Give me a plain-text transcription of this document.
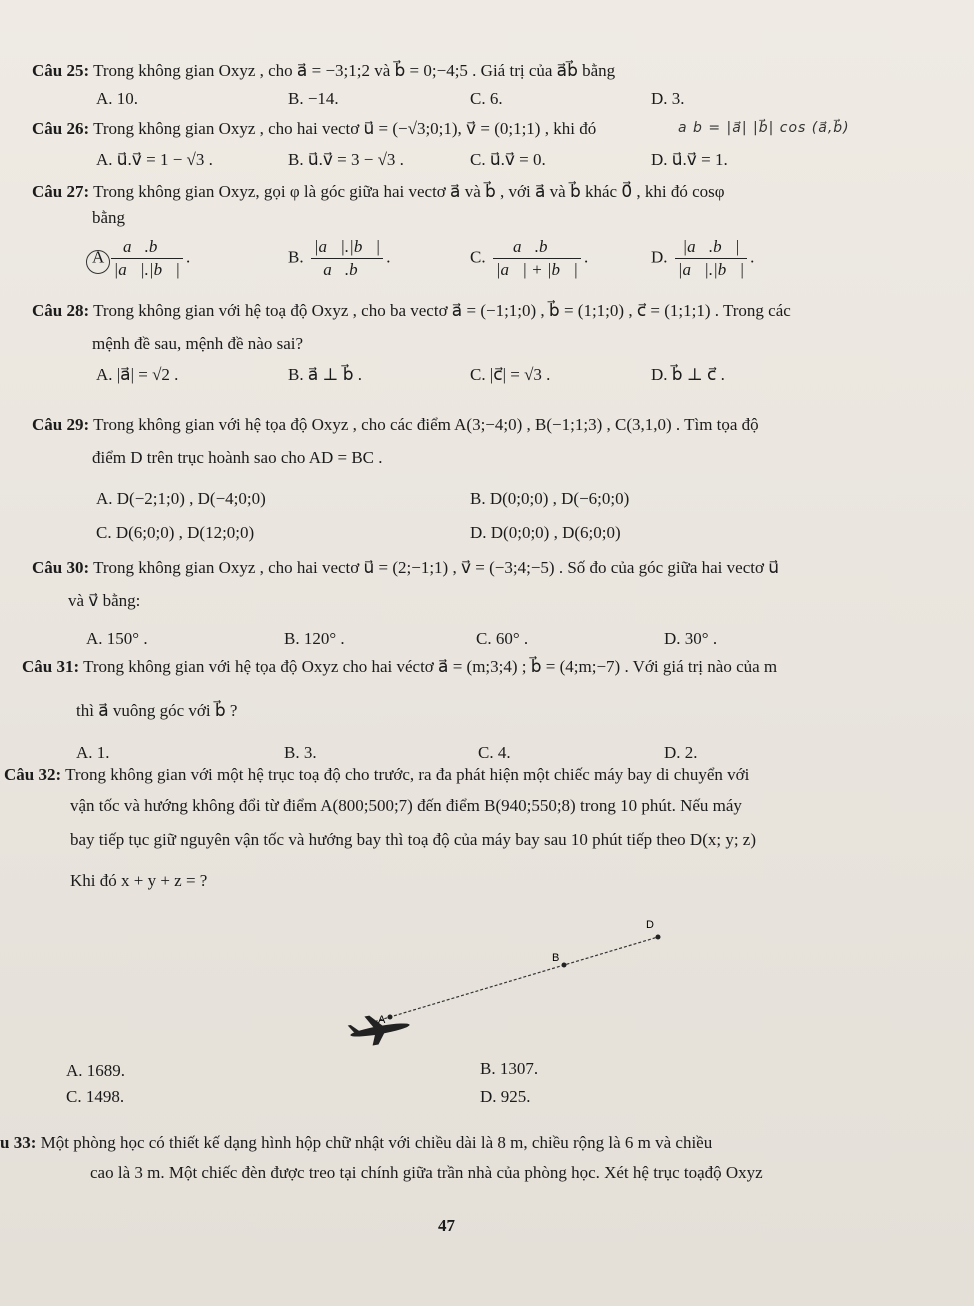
Câu 25: Trong không gian Oxyz , cho a⃗ = −3;1;2 và b⃗ = 0;−4;5 . Giá trị của a⃗b⃗ bằng
A. 10.	B. −14.	C. 6.	D. 3.
Câu 26: Trong không gian Oxyz , cho hai vectơ u⃗ = (−√3;0;1), v⃗ = (0;1;1) , khi đó	a b = |a⃗| |b⃗| cos (a⃗,b⃗)
A. u⃗.v⃗ = 1 − √3 .	B. u⃗.v⃗ = 3 − √3 .	C. u⃗.v⃗ = 0.	D. u⃗.v⃗ = 1.
Câu 27: Trong không gian Oxyz, gọi φ là góc giữa hai vectơ a⃗ và b⃗ , với a⃗ và b⃗ khác 0⃗ , khi đó cosφ
bằng
A $\frac{a⃗.b⃗}{|a⃗|.|b⃗|}$ .	B. $\frac{|a⃗|.|b⃗|}{a⃗.b⃗}$ .	C. $\frac{a⃗.b⃗}{|a⃗| + |b⃗|}$ .	D. $\frac{|a⃗.b⃗|}{|a⃗|.|b⃗|}$ .
Câu 28: Trong không gian với hệ toạ độ Oxyz , cho ba vectơ a⃗ = (−1;1;0) , b⃗ = (1;1;0) , c⃗ = (1;1;1) . Trong các
mệnh đề sau, mệnh đề nào sai?
A. |a⃗| = √2 .	B. a⃗ ⊥ b⃗ .	C. |c⃗| = √3 .	D. b⃗ ⊥ c⃗ .
Câu 29: Trong không gian với hệ tọa độ Oxyz , cho các điểm A(3;−4;0) , B(−1;1;3) , C(3,1,0) . Tìm tọa độ
điểm D trên trục hoành sao cho AD = BC .
A. D(−2;1;0) , D(−4;0;0)	B. D(0;0;0) , D(−6;0;0)
C. D(6;0;0) , D(12;0;0)	D. D(0;0;0) , D(6;0;0)
Câu 30: Trong không gian Oxyz , cho hai vectơ u⃗ = (2;−1;1) , v⃗ = (−3;4;−5) . Số đo của góc giữa hai vectơ u⃗
và v⃗ bằng:
A. 150° .	B. 120° .	C. 60° .	D. 30° .
Câu 31: Trong không gian với hệ tọa độ Oxyz cho hai véctơ a⃗ = (m;3;4) ; b⃗ = (4;m;−7) . Với giá trị nào của m
thì a⃗ vuông góc với b⃗ ?
A. 1.	B. 3.	C. 4.	D. 2.
Câu 32: Trong không gian với một hệ trục toạ độ cho trước, ra đa phát hiện một chiếc máy bay di chuyển với
vận tốc và hướng không đổi từ điểm A(800;500;7) đến điểm B(940;550;8) trong 10 phút. Nếu máy
bay tiếp tục giữ nguyên vận tốc và hướng bay thì toạ độ của máy bay sau 10 phút tiếp theo D(x; y; z)
Khi đó x + y + z = ?
D
B
A
A. 1689.	B. 1307.
C. 1498.	D. 925.
u 33: Một phòng học có thiết kế dạng hình hộp chữ nhật với chiều dài là 8 m, chiều rộng là 6 m và chiều
cao là 3 m. Một chiếc đèn được treo tại chính giữa trần nhà của phòng học. Xét hệ trục toạđộ Oxyz
47
